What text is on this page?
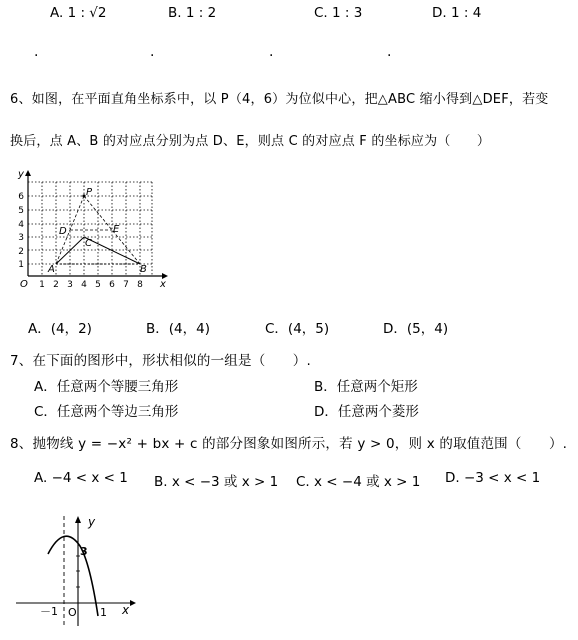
A. 1 : √2	B. 1 : 2	C. 1 : 3	D. 1 : 4
.	.	.	.
6、如图，在平面直角坐标系中，以 P（4，6）为位似中心，把△ABC 缩小得到△DEF，若变
换后，点 A、B 的对应点分别为点 D、E，则点 C 的对应点 F 的坐标应为（　　）
P
D	E
C
A	B
y
x
O 1 2 3 4 5 6 7 8
1
2
3
4
5
6
A．(4，2)	B．(4，4)	C．(4，5)	D．(5，4)
7、在下面的图形中，形状相似的一组是（　　）.
A．任意两个等腰三角形	B．任意两个矩形
C．任意两个等边三角形	D．任意两个菱形
8、抛物线 y = −x² + bx + c 的部分图象如图所示，若 y > 0，则 x 的取值范围（　　）.
A. −4 < x < 1 B. x < −3 或 x > 1 C. x < −4 或 x > 1 D. −3 < x < 1
y
x
3
O
－1	1
